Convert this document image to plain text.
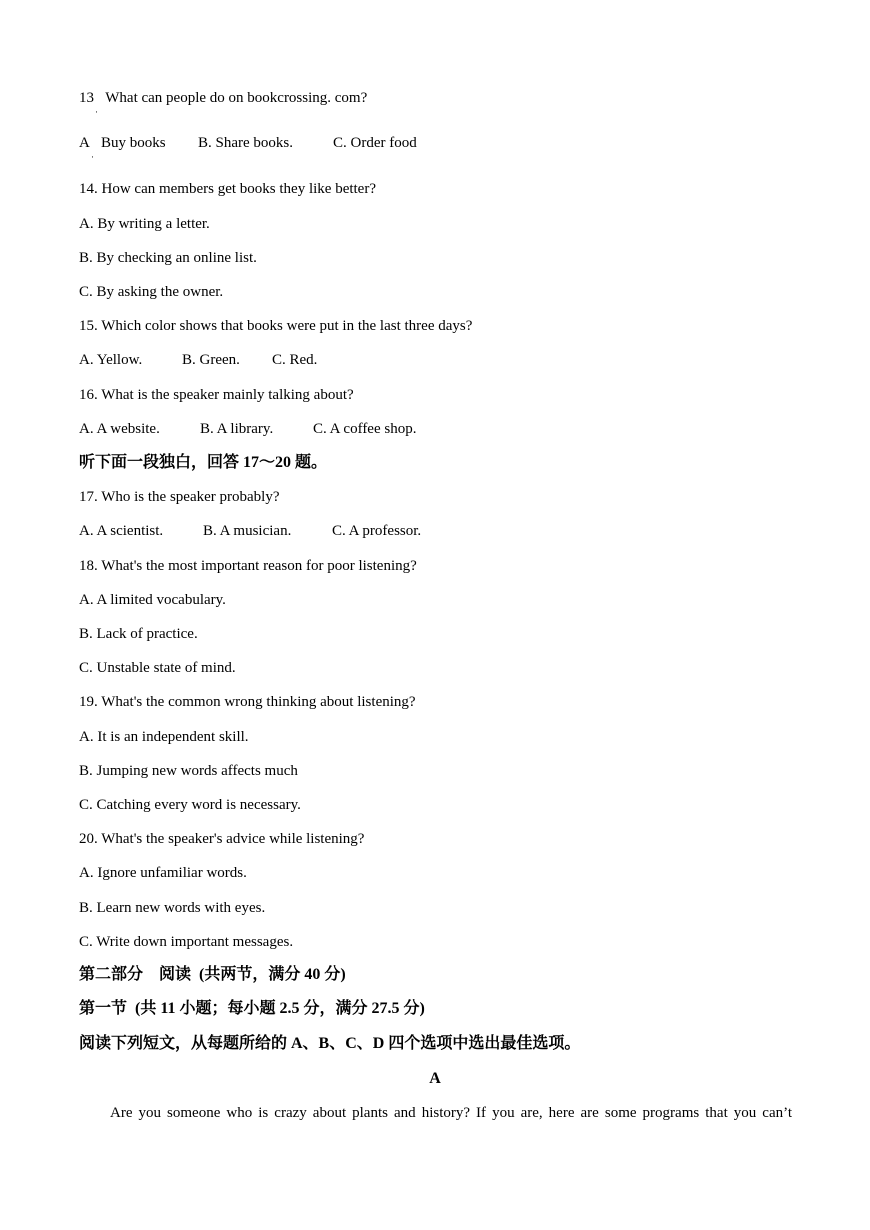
13 What can people do on bookcrossing. com?
·
A
·
Buy books B. Share books.	C. Order food
14. How can members get books they like better?
A. By writing a letter.
B. By checking an online list.
C. By asking the owner.
15. Which color shows that books were put in the last three days?
A. Yellow.	B. Green. C. Red.
16. What is the speaker mainly talking about?
A. A website.	B. A library.	C. A coffee shop.
听下面一段独白，回答 17～20 题。
17. Who is the speaker probably?
A. A scientist.	B. A musician.	C. A professor.
18. What's the most important reason for poor listening?
A. A limited vocabulary.
B. Lack of practice.
C. Unstable state of mind.
19. What's the common wrong thinking about listening?
A. It is an independent skill.
B. Jumping new words affects much
C. Catching every word is necessary.
20. What's the speaker's advice while listening?
A. Ignore unfamiliar words.
B. Learn new words with eyes.
C. Write down important messages.
第二部分    阅读  (共两节，满分 40 分)
第一节  (共 11 小题；每小题 2.5 分，满分 27.5 分)
阅读下列短文，从每题所给的 A、B、C、D 四个选项中选出最佳选项。
A
Are you someone who is crazy about plants and history? If you are, here are some programs that you can’t
